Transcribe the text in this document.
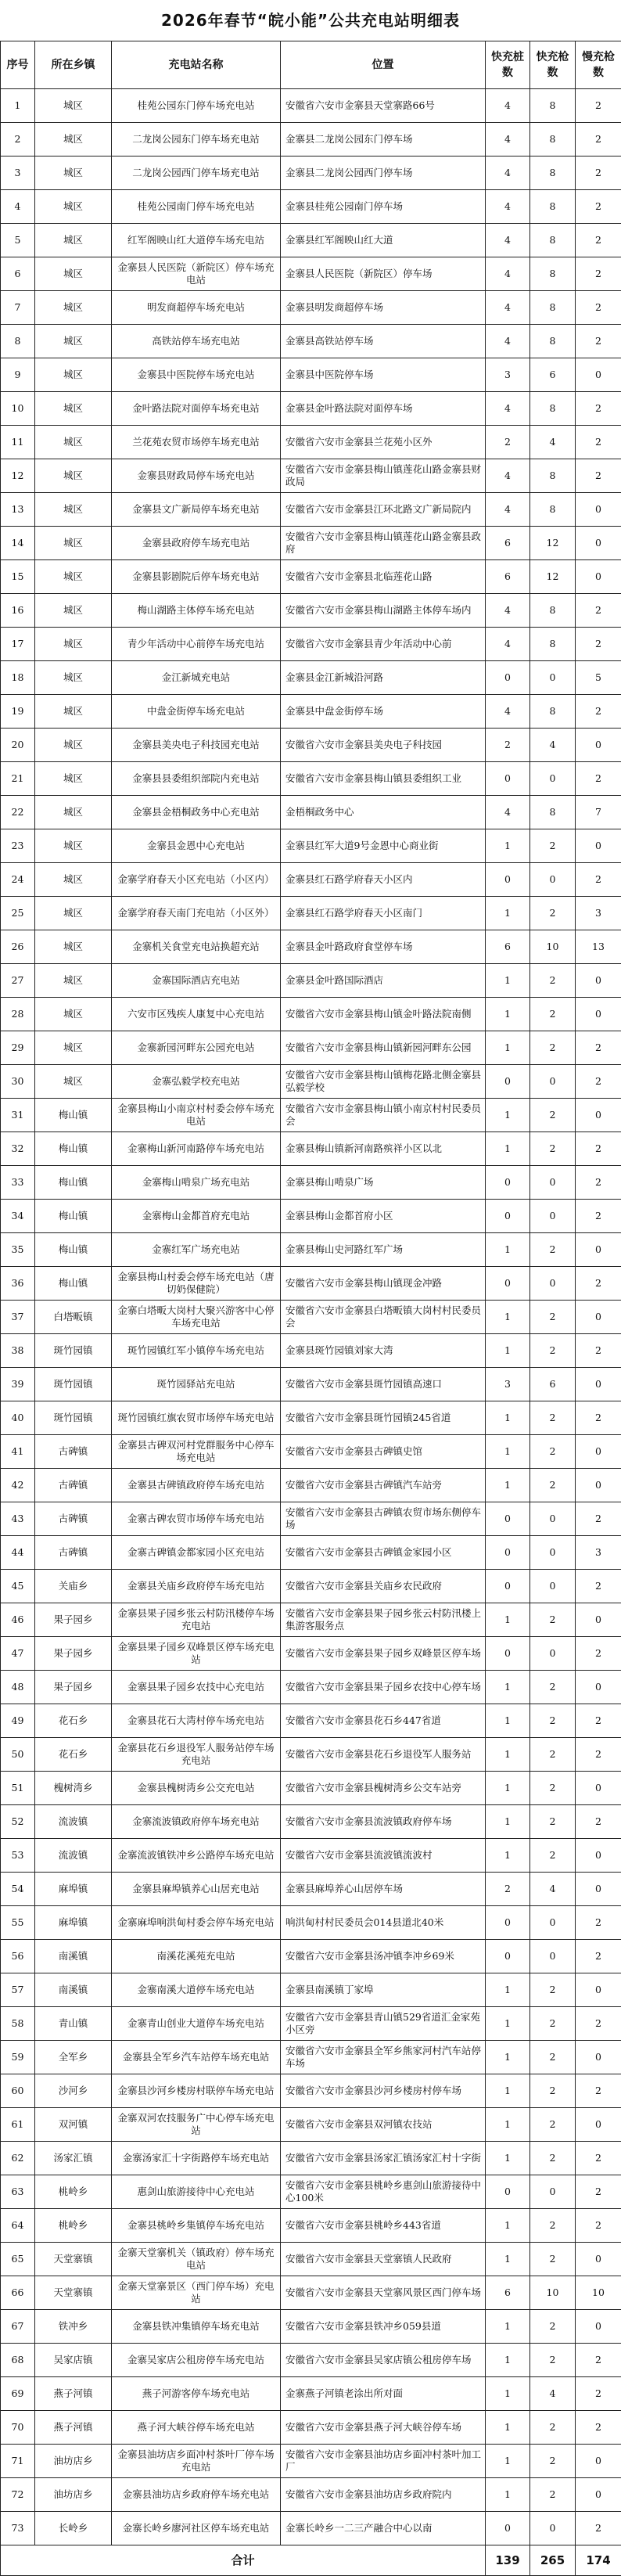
2026年春节“皖小能”公共充电站明细表
序号	所在乡镇	充电站名称	位置	快充桩数	快充枪数	慢充枪数
1	城区	桂苑公园东门停车场充电站	安徽省六安市金寨县天堂寨路66号	4	8	2
2	城区	二龙岗公园东门停车场充电站	金寨县二龙岗公园东门停车场	4	8	2
3	城区	二龙岗公园西门停车场充电站	金寨县二龙岗公园西门停车场	4	8	2
4	城区	桂苑公园南门停车场充电站	金寨县桂苑公园南门停车场	4	8	2
5	城区	红军阁映山红大道停车场充电站	金寨县红军阁映山红大道	4	8	2
6	城区	金寨县人民医院（新院区）停车场充电站	金寨县人民医院（新院区）停车场	4	8	2
7	城区	明发商超停车场充电站	金寨县明发商超停车场	4	8	2
8	城区	高铁站停车场充电站	金寨县高铁站停车场	4	8	2
9	城区	金寨县中医院停车场充电站	金寨县中医院停车场	3	6	0
10	城区	金叶路法院对面停车场充电站	金寨县金叶路法院对面停车场	4	8	2
11	城区	兰花苑农贸市场停车场充电站	安徽省六安市金寨县兰花苑小区外	2	4	2
12	城区	金寨县财政局停车场充电站	安徽省六安市金寨县梅山镇莲花山路金寨县财政局	4	8	2
13	城区	金寨县文广新局停车场充电站	安徽省六安市金寨县江环北路文广新局院内	4	8	0
14	城区	金寨县政府停车场充电站	安徽省六安市金寨县梅山镇莲花山路金寨县政府	6	12	0
15	城区	金寨县影剧院后停车场充电站	安徽省六安市金寨县北临莲花山路	6	12	0
16	城区	梅山湖路主体停车场充电站	安徽省六安市金寨县梅山湖路主体停车场内	4	8	2
17	城区	青少年活动中心前停车场充电站	安徽省六安市金寨县青少年活动中心前	4	8	2
18	城区	金江新城充电站	金寨县金江新城沿河路	0	0	5
19	城区	中盘金街停车场充电站	金寨县中盘金街停车场	4	8	2
20	城区	金寨县美央电子科技园充电站	安徽省六安市金寨县美央电子科技园	2	4	0
21	城区	金寨县县委组织部院内充电站	安徽省六安市金寨县梅山镇县委组织工业	0	0	2
22	城区	金寨县金梧桐政务中心充电站	金梧桐政务中心	4	8	7
23	城区	金寨县金恩中心充电站	金寨县红军大道9号金恩中心商业街	1	2	0
24	城区	金寨学府春天小区充电站（小区内）	金寨县红石路学府春天小区内	0	0	2
25	城区	金寨学府春天南门充电站（小区外）	金寨县红石路学府春天小区南门	1	2	3
26	城区	金寨机关食堂充电站换超充站	金寨县金叶路政府食堂停车场	6	10	13
27	城区	金寨国际酒店充电站	金寨县金叶路国际酒店	1	2	0
28	城区	六安市区残疾人康复中心充电站	安徽省六安市金寨县梅山镇金叶路法院南侧	1	2	0
29	城区	金寨新园河畔东公园充电站	安徽省六安市金寨县梅山镇新园河畔东公园	1	2	2
30	城区	金寨弘毅学校充电站	安徽省六安市金寨县梅山镇梅花路北侧金寨县弘毅学校	0	0	2
31	梅山镇	金寨县梅山小南京村村委会停车场充电站	安徽省六安市金寨县梅山镇小南京村村民委员会	1	2	0
32	梅山镇	金寨梅山新河南路停车场充电站	金寨县梅山镇新河南路殡祥小区以北	1	2	2
33	梅山镇	金寨梅山啃泉广场充电站	金寨县梅山啃泉广场	0	0	2
34	梅山镇	金寨梅山金都首府充电站	金寨县梅山金都首府小区	0	0	2
35	梅山镇	金寨红军广场充电站	金寨县梅山史河路红军广场	1	2	0
36	梅山镇	金寨县梅山村委会停车场充电站（唐切奶保健院）	安徽省六安市金寨县梅山镇现金冲路	0	0	2
37	白塔畈镇	金寨白塔畈大岗村大聚兴游客中心停车场充电站	安徽省六安市金寨县白塔畈镇大岗村村民委员会	1	2	0
38	斑竹园镇	斑竹园镇红军小镇停车场充电站	金寨县斑竹园镇刘家大湾	1	2	2
39	斑竹园镇	斑竹园驿站充电站	安徽省六安市金寨县斑竹园镇高速口	3	6	0
40	斑竹园镇	斑竹园镇红旗农贸市场停车场充电站	安徽省六安市金寨县斑竹园镇245省道	1	2	2
41	古碑镇	金寨县古碑双河村党群服务中心停车场充电站	安徽省六安市金寨县古碑镇史馆	1	2	0
42	古碑镇	金寨县古碑镇政府停车场充电站	安徽省六安市金寨县古碑镇汽车站旁	1	2	0
43	古碑镇	金寨古碑农贸市场停车场充电站	安徽省六安市金寨县古碑镇农贸市场东侧停车场	0	0	2
44	古碑镇	金寨古碑镇金都家园小区充电站	安徽省六安市金寨县古碑镇金家园小区	0	0	3
45	关庙乡	金寨县关庙乡政府停车场充电站	安徽省六安市金寨县关庙乡农民政府	0	0	2
46	果子园乡	金寨县果子园乡张云村防汛楼停车场充电站	安徽省六安市金寨县果子园乡张云村防汛楼上集游客服务点	1	2	0
47	果子园乡	金寨县果子园乡双峰景区停车场充电站	安徽省六安市金寨县果子园乡双峰景区停车场	0	0	2
48	果子园乡	金寨县果子园乡农技中心充电站	安徽省六安市金寨县果子园乡农技中心停车场	1	2	0
49	花石乡	金寨县花石大湾村停车场充电站	安徽省六安市金寨县花石乡447省道	1	2	2
50	花石乡	金寨县花石乡退役军人服务站停车场充电站	安徽省六安市金寨县花石乡退役军人服务站	1	2	2
51	槐树湾乡	金寨县槐树湾乡公交充电站	安徽省六安市金寨县槐树湾乡公交车站旁	1	2	0
52	流波镇	金寨流波镇政府停车场充电站	安徽省六安市金寨县流波镇政府停车场	1	2	2
53	流波镇	金寨流波镇铁冲乡公路停车场充电站	安徽省六安市金寨县流波镇流波村	1	2	0
54	麻埠镇	金寨县麻埠镇养心山居充电站	金寨县麻埠养心山居停车场	2	4	0
55	麻埠镇	金寨麻埠响洪甸村委会停车场充电站	响洪甸村村民委员会014县道北40米	0	0	2
56	南溪镇	南溪花溪苑充电站	安徽省六安市金寨县汤冲镇李冲乡69米	0	0	2
57	南溪镇	金寨南溪大道停车场充电站	金寨县南溪镇丁家埠	1	2	0
58	青山镇	金寨青山创业大道停车场充电站	安徽省六安市金寨县青山镇529省道汇金家苑小区旁	1	2	2
59	全军乡	金寨县全军乡汽车站停车场充电站	安徽省六安市金寨县全军乡熊家河村汽车站停车场	1	2	0
60	沙河乡	金寨县沙河乡楼房村联停车场充电站	安徽省六安市金寨县沙河乡楼房村停车场	1	2	2
61	双河镇	金寨双河农技服务广中心停车场充电站	安徽省六安市金寨县双河镇农技站	1	2	0
62	汤家汇镇	金寨汤家汇十字街路停车场充电站	安徽省六安市金寨县汤家汇镇汤家汇村十字街	1	2	2
63	桃岭乡	惠剑山旅游接待中心充电站	安徽省六安市金寨县桃岭乡惠剑山旅游接待中心100米	0	0	2
64	桃岭乡	金寨县桃岭乡集镇停车场充电站	安徽省六安市金寨县桃岭乡443省道	1	2	2
65	天堂寨镇	金寨天堂寨机关（镇政府）停车场充电站	安徽省六安市金寨县天堂寨镇人民政府	1	2	0
66	天堂寨镇	金寨天堂寨景区（西门停车场）充电站	安徽省六安市金寨县天堂寨风景区西门停车场	6	10	10
67	铁冲乡	金寨县铁冲集镇停车场充电站	安徽省六安市金寨县铁冲乡059县道	1	2	0
68	吴家店镇	金寨吴家店公租房停车场充电站	安徽省六安市金寨县吴家店镇公租房停车场	1	2	2
69	燕子河镇	燕子河游客停车场充电站	金寨燕子河镇老涂出所对面	1	4	2
70	燕子河镇	燕子河大峡谷停车场充电站	安徽省六安市金寨县燕子河大峡谷停车场	1	2	2
71	油坊店乡	金寨县油坊店乡面冲村茶叶厂停车场充电站	安徽省六安市金寨县油坊店乡面冲村茶叶加工厂	1	2	0
72	油坊店乡	金寨县油坊店乡政府停车场充电站	安徽省六安市金寨县油坊店乡政府院内	1	2	0
73	长岭乡	金寨长岭乡廖河社区停车场充电站	金寨长岭乡一二三产融合中心以南	0	0	2
合计				139	265	174
